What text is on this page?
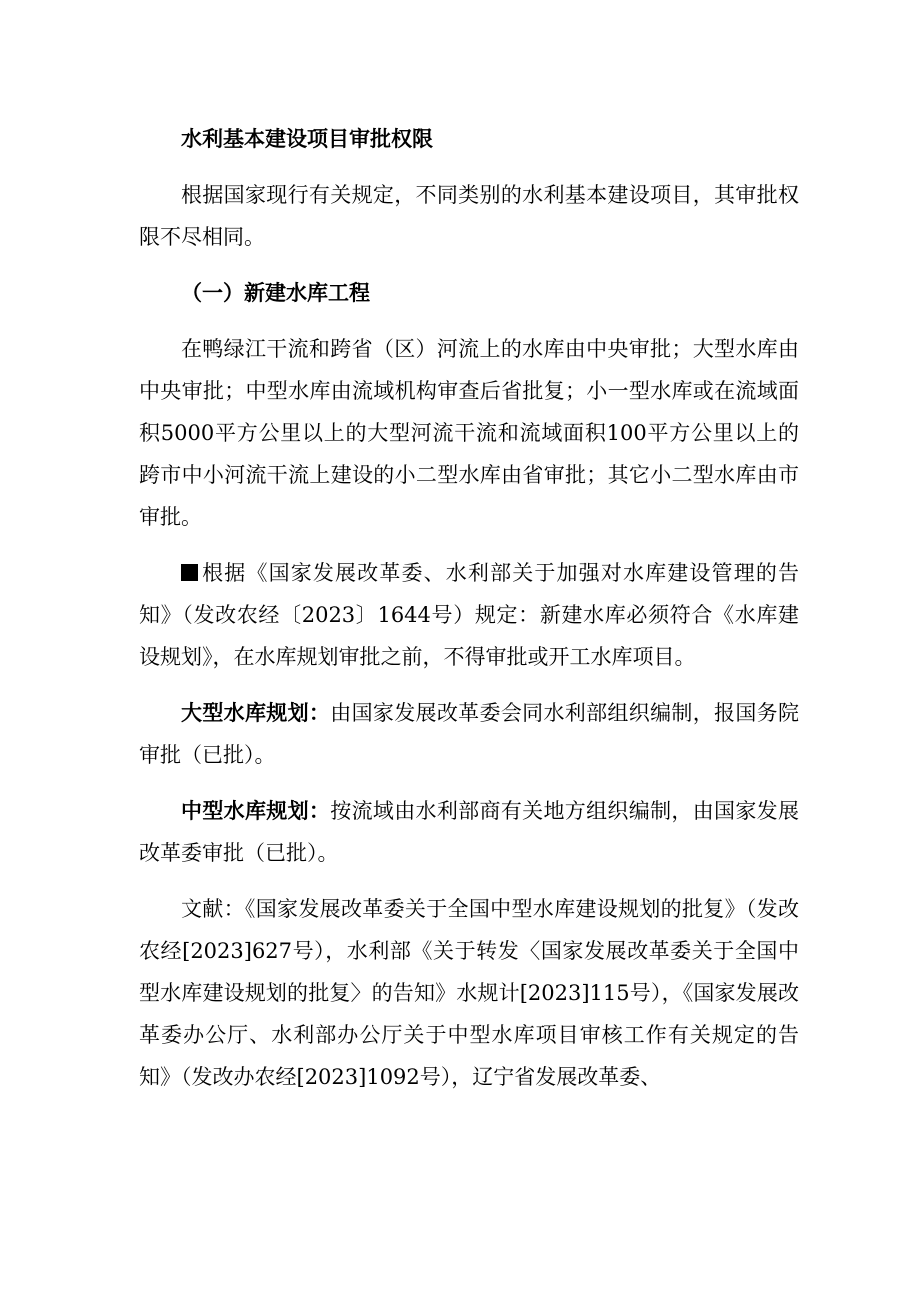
水利基本建设项目审批权限

根据国家现行有关规定，不同类别的水利基本建设项目，其审批权限不尽相同。

（一）新建水库工程

在鸭绿江干流和跨省（区）河流上的水库由中央审批；大型水库由中央审批；中型水库由流域机构审查后省批复；小一型水库或在流域面积5000平方公里以上的大型河流干流和流域面积100平方公里以上的跨市中小河流干流上建设的小二型水库由省审批；其它小二型水库由市审批。

根据《国家发展改革委、水利部关于加强对水库建设管理的告知》（发改农经〔2023〕1644号）规定：新建水库必须符合《水库建设规划》，在水库规划审批之前，不得审批或开工水库项目。

大型水库规划：由国家发展改革委会同水利部组织编制，报国务院审批（已批）。

中型水库规划：按流域由水利部商有关地方组织编制，由国家发展改革委审批（已批）。

文献：《国家发展改革委关于全国中型水库建设规划的批复》（发改农经[2023]627号），水利部《关于转发〈国家发展改革委关于全国中型水库建设规划的批复〉的告知》水规计[2023]115号），《国家发展改革委办公厅、水利部办公厅关于中型水库项目审核工作有关规定的告知》（发改办农经[2023]1092号），辽宁省发展改革委、
